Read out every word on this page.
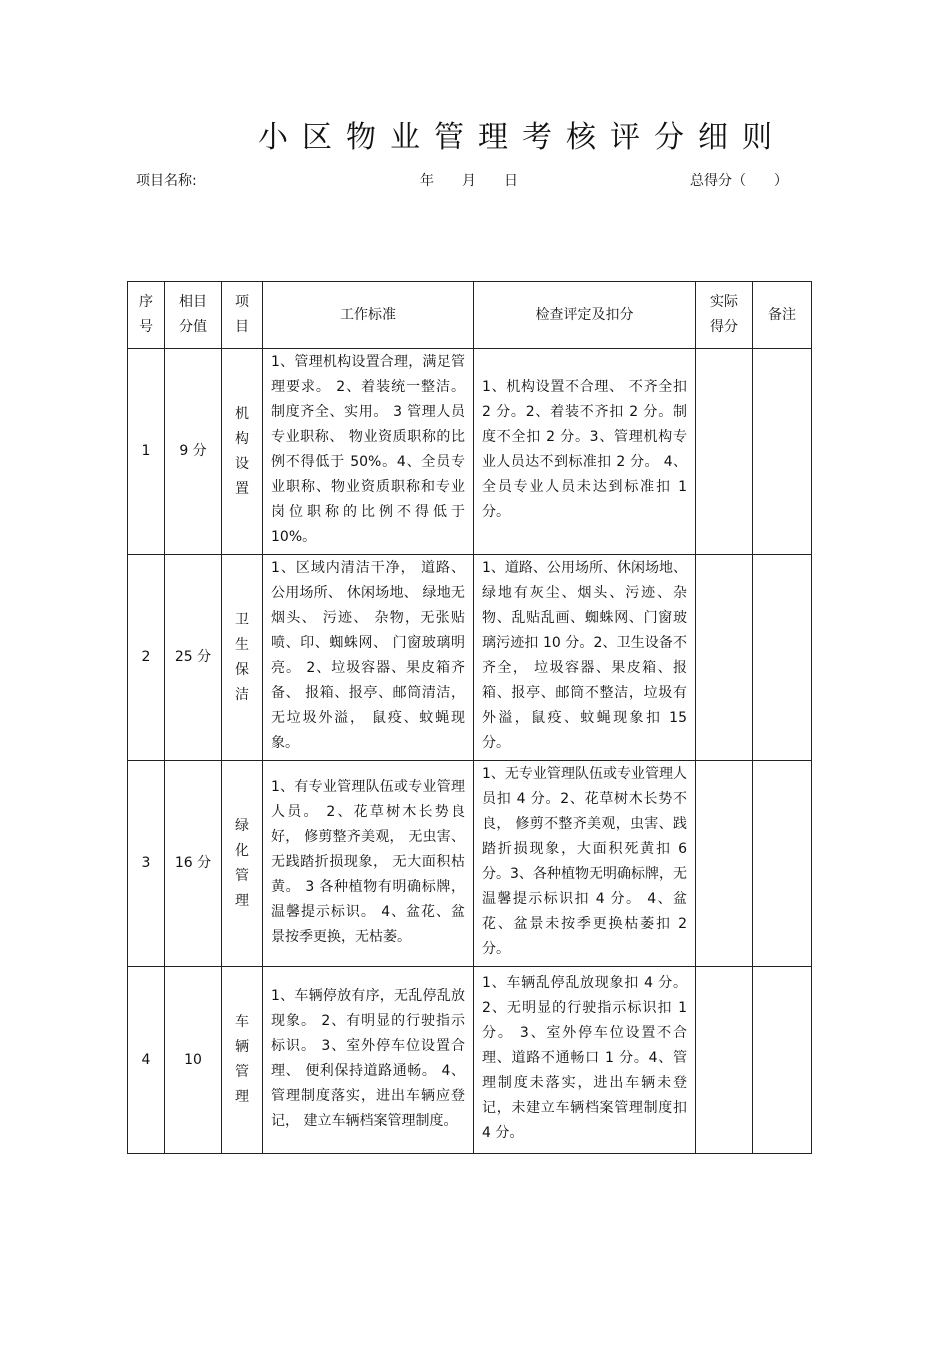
小区物业管理考核评分细则
项目名称:	年　　月　　日	总得分（　　）
序号	相目分值	项目	工作标准	检查评定及扣分	实际得分	备注
1	9 分	机构设置	1、管理机构设置合理，满足管理要求。 2、着装统一整洁。制度齐全、实用。 3 管理人员专业职称、 物业资质职称的比例不得低于 50%。4、全员专业职称、物业资质职称和专业岗位职称的比例不得低于 10%。	1、机构设置不合理、 不齐全扣 2 分。2、着装不齐扣 2 分。制度不全扣 2 分。3、管理机构专业人员达不到标准扣 2 分。 4、全员专业人员未达到标准扣 1 分。		
2	25 分	卫生保洁	1、区域内清洁干净， 道路、公用场所、 休闲场地、 绿地无烟头、 污迹、 杂物，无张贴喷、印、蜘蛛网、 门窗玻璃明亮。 2、垃圾容器、果皮箱齐备、 报箱、报亭、邮筒清洁，无垃圾外溢， 鼠疫、蚊蝇现象。	1、道路、公用场所、休闲场地、绿地有灰尘、烟头、污迹、杂物、乱贴乱画、蜘蛛网、门窗玻璃污迹扣 10 分。2、卫生设备不齐全， 垃圾容器、果皮箱、报箱、报亭、邮筒不整洁，垃圾有外溢，鼠疫、蚊蝇现象扣 15 分。		
3	16 分	绿化管理	1、有专业管理队伍或专业管理人员。 2、花草树木长势良好， 修剪整齐美观， 无虫害、无践踏折损现象， 无大面积枯黄。 3 各种植物有明确标牌，温馨提示标识。 4、盆花、盆景按季更换，无枯萎。	1、无专业管理队伍或专业管理人员扣 4 分。2、花草树木长势不良， 修剪不整齐美观，虫害、践踏折损现象，大面积死黄扣 6 分。3、各种植物无明确标牌，无温馨提示标识扣 4 分。 4、盆花、盆景未按季更换枯萎扣 2 分。		
4	10	车辆管理	1、车辆停放有序，无乱停乱放现象。 2、有明显的行驶指示标识。 3、室外停车位设置合理、 便利保持道路通畅。 4、管理制度落实，进出车辆应登记， 建立车辆档案管理制度。	1、车辆乱停乱放现象扣 4 分。2、无明显的行驶指示标识扣 1 分。 3、室外停车位设置不合理、道路不通畅口 1 分。4、管理制度未落实，进出车辆未登记，未建立车辆档案管理制度扣 4 分。		
